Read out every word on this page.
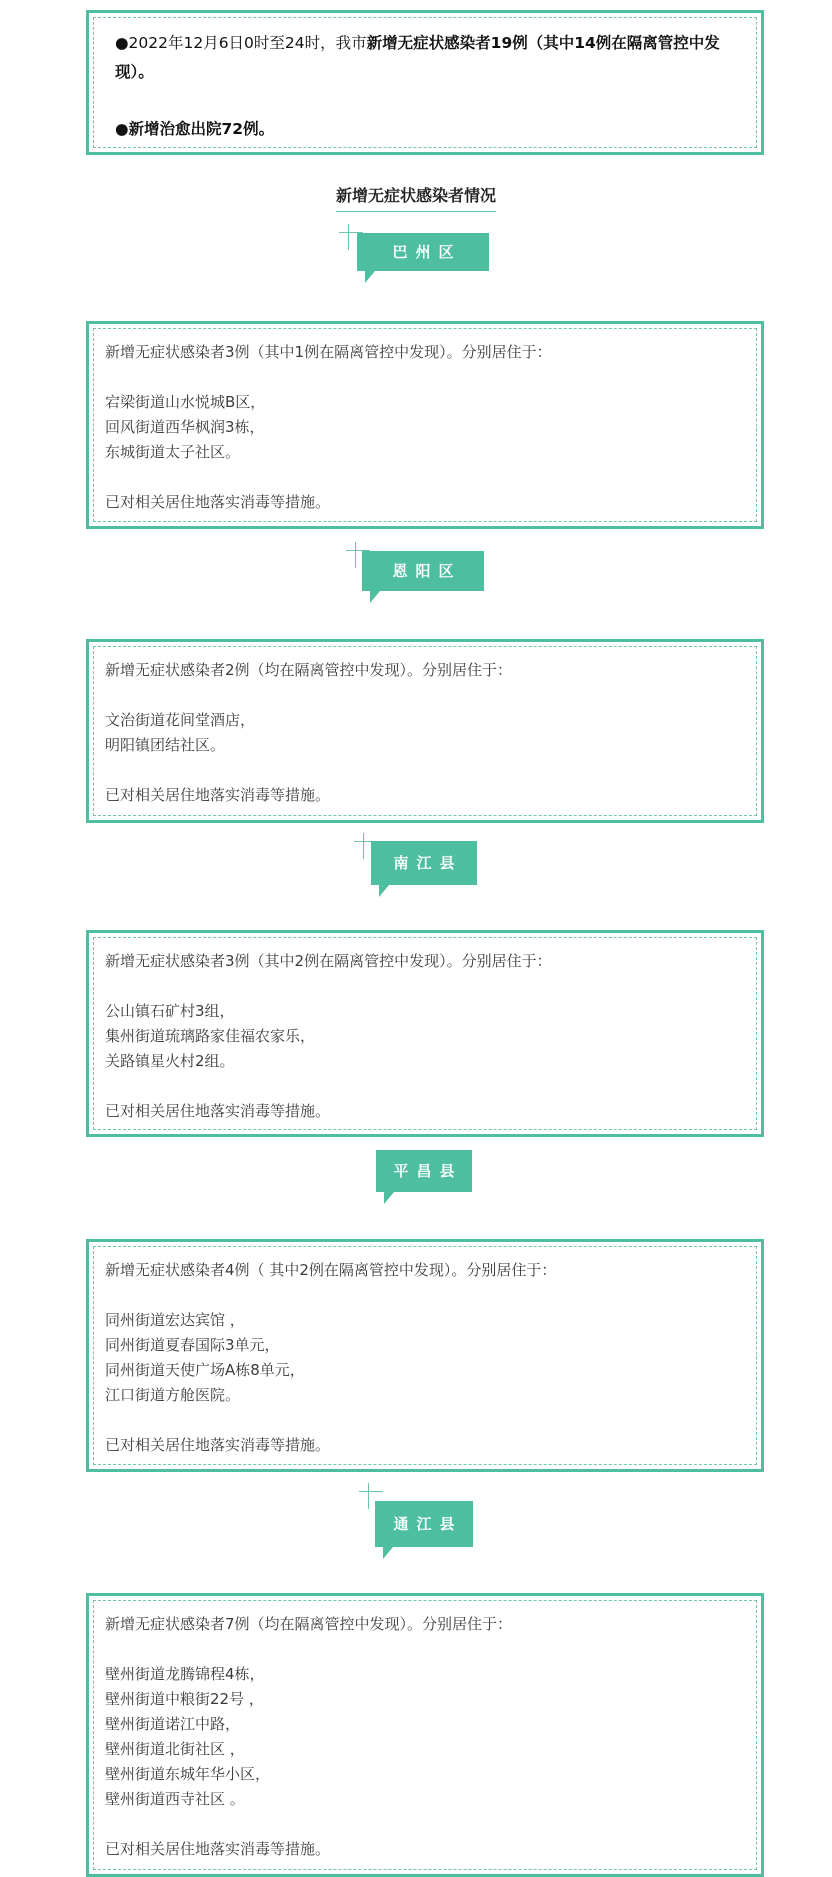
●2022年12月6日0时至24时，我市新增无症状感染者19例（其中14例在隔离管控中发现）。

●新增治愈出院72例。

新增无症状感染者情况
巴州区
恩阳区
南江县
平昌县
通江县

新增无症状感染者3例（其中1例在隔离管控中发现）。分别居住于：

宕梁街道山水悦城B区，

回风街道西华枫润3栋，

东城街道太子社区。

已对相关居住地落实消毒等措施。

新增无症状感染者2例（均在隔离管控中发现）。分别居住于：

文治街道花间堂酒店，

明阳镇团结社区。

已对相关居住地落实消毒等措施。

新增无症状感染者3例（其中2例在隔离管控中发现）。分别居住于：

公山镇石矿村3组，

集州街道琉璃路家佳福农家乐，

关路镇星火村2组。

已对相关居住地落实消毒等措施。

新增无症状感染者4例（ 其中2例在隔离管控中发现）。分别居住于：

同州街道宏达宾馆 ，

同州街道夏春国际3单元，

同州街道天使广场A栋8单元，

江口街道方舱医院。

已对相关居住地落实消毒等措施。

新增无症状感染者7例（均在隔离管控中发现）。分别居住于：

壁州街道龙腾锦程4栋，

壁州街道中粮街22号 ，

壁州街道诺江中路，

壁州街道北街社区 ，

壁州街道东城年华小区，

壁州街道西寺社区 。

已对相关居住地落实消毒等措施。
